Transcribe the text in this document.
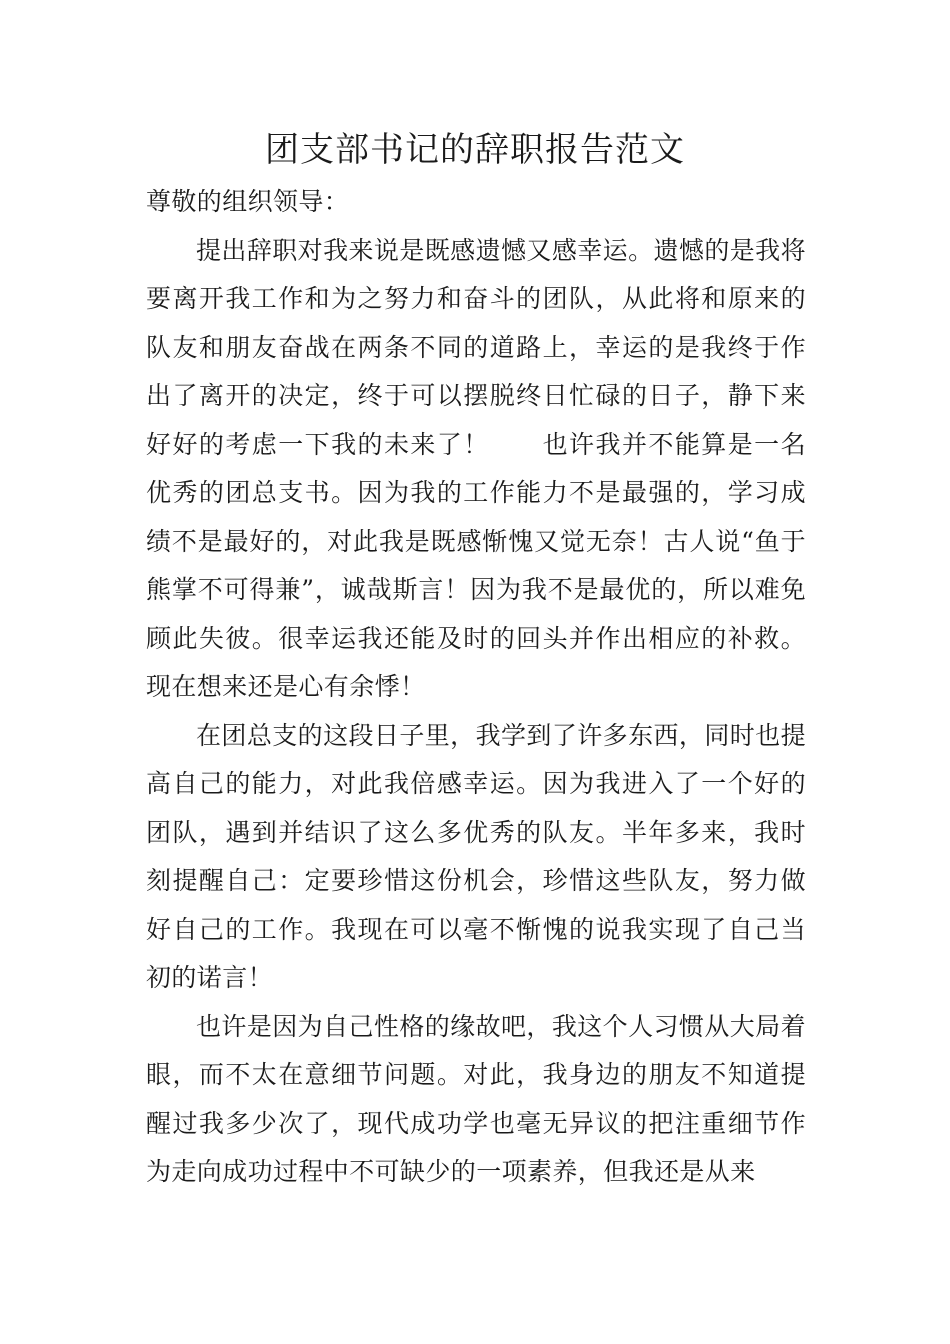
团支部书记的辞职报告范文

尊敬的组织领导：

提出辞职对我来说是既感遗憾又感幸运。遗憾的是我将要离开我工作和为之努力和奋斗的团队，从此将和原来的队友和朋友奋战在两条不同的道路上，幸运的是我终于作出了离开的决定，终于可以摆脱终日忙碌的日子，静下来好好的考虑一下我的未来了！　　也许我并不能算是一名优秀的团总支书。因为我的工作能力不是最强的，学习成绩不是最好的，对此我是既感惭愧又觉无奈！古人说“鱼于熊掌不可得兼”，诚哉斯言！因为我不是最优的，所以难免顾此失彼。很幸运我还能及时的回头并作出相应的补救。现在想来还是心有余悸！

在团总支的这段日子里，我学到了许多东西，同时也提高自己的能力，对此我倍感幸运。因为我进入了一个好的团队，遇到并结识了这么多优秀的队友。半年多来，我时刻提醒自己：定要珍惜这份机会，珍惜这些队友，努力做好自己的工作。我现在可以毫不惭愧的说我实现了自己当初的诺言！

也许是因为自己性格的缘故吧，我这个人习惯从大局着眼，而不太在意细节问题。对此，我身边的朋友不知道提醒过我多少次了，现代成功学也毫无异议的把注重细节作为走向成功过程中不可缺少的一项素养，但我还是从来
